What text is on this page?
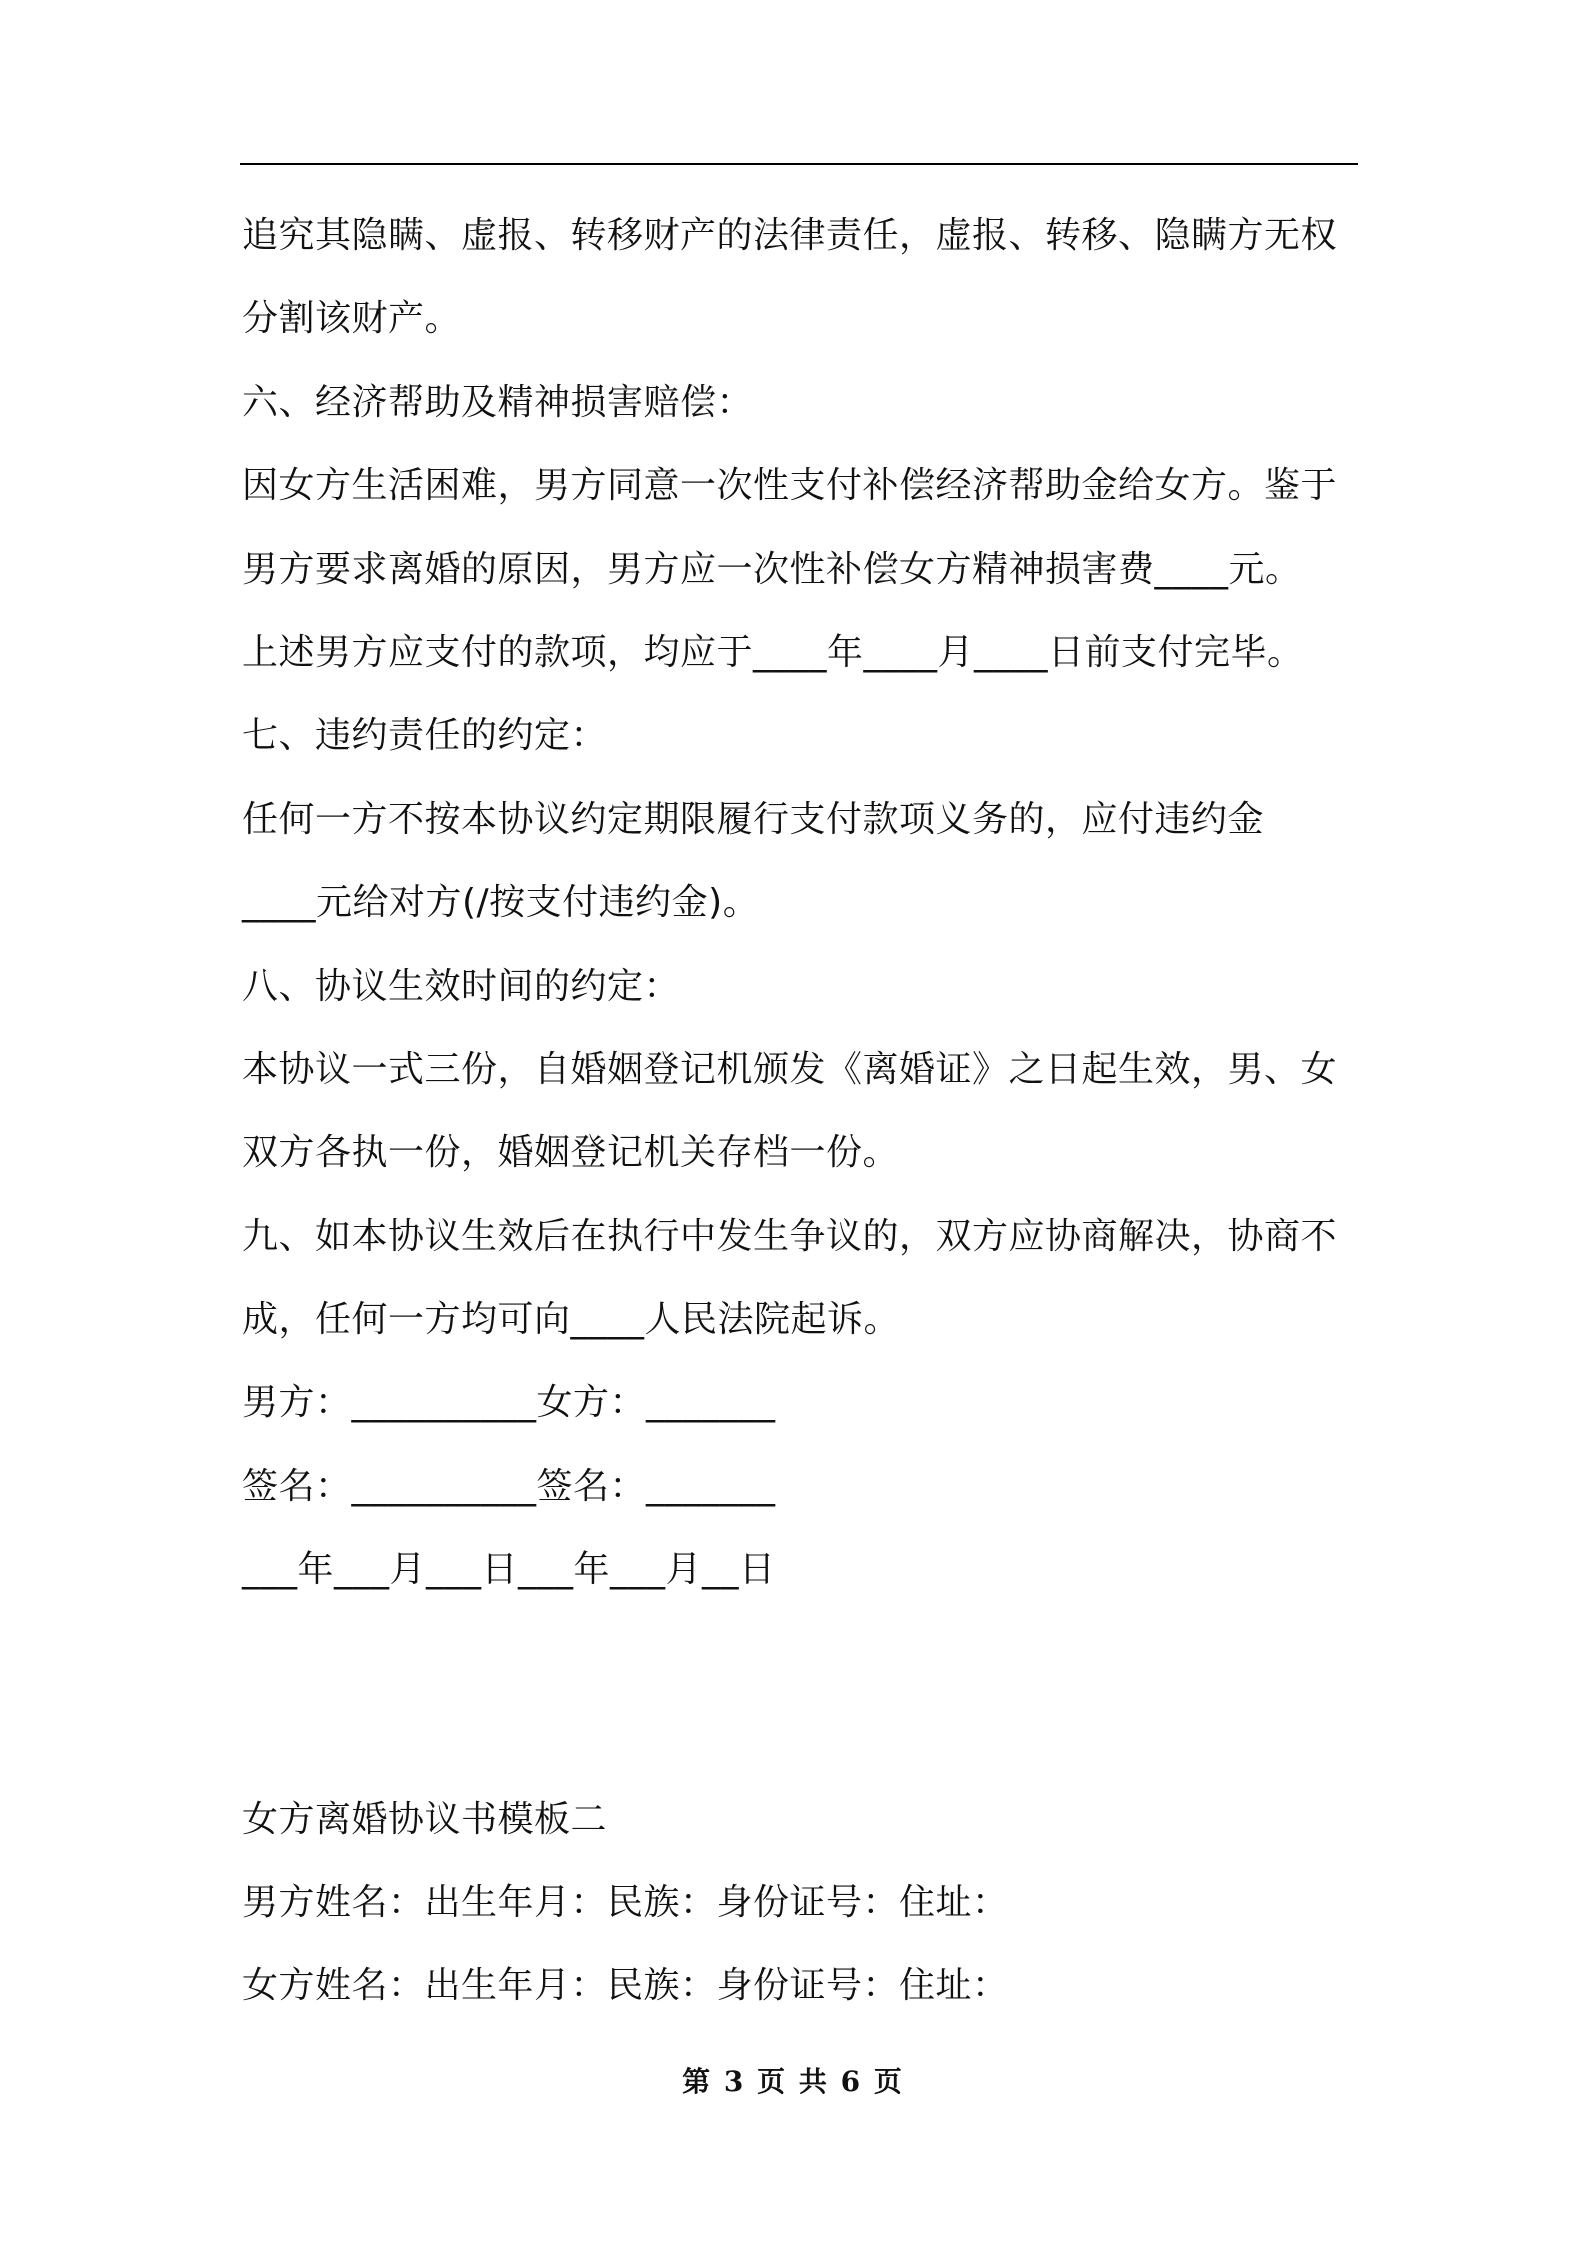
追究其隐瞒、虚报、转移财产的法律责任，虚报、转移、隐瞒方无权
分割该财产。
六、经济帮助及精神损害赔偿：
因女方生活困难，男方同意一次性支付补偿经济帮助金给女方。鉴于
男方要求离婚的原因，男方应一次性补偿女方精神损害费____元。
上述男方应支付的款项，均应于____年____月____日前支付完毕。
七、违约责任的约定：
任何一方不按本协议约定期限履行支付款项义务的，应付违约金
____元给对方(/按支付违约金)。
八、协议生效时间的约定：
本协议一式三份，自婚姻登记机颁发《离婚证》之日起生效，男、女
双方各执一份，婚姻登记机关存档一份。
九、如本协议生效后在执行中发生争议的，双方应协商解决，协商不
成，任何一方均可向____人民法院起诉。
男方：__________女方：_______
签名：__________签名：_______
___年___月___日___年___月__日
女方离婚协议书模板二
男方姓名：出生年月：民族：身份证号：住址：
女方姓名：出生年月：民族：身份证号：住址：
第 3 页 共 6 页
